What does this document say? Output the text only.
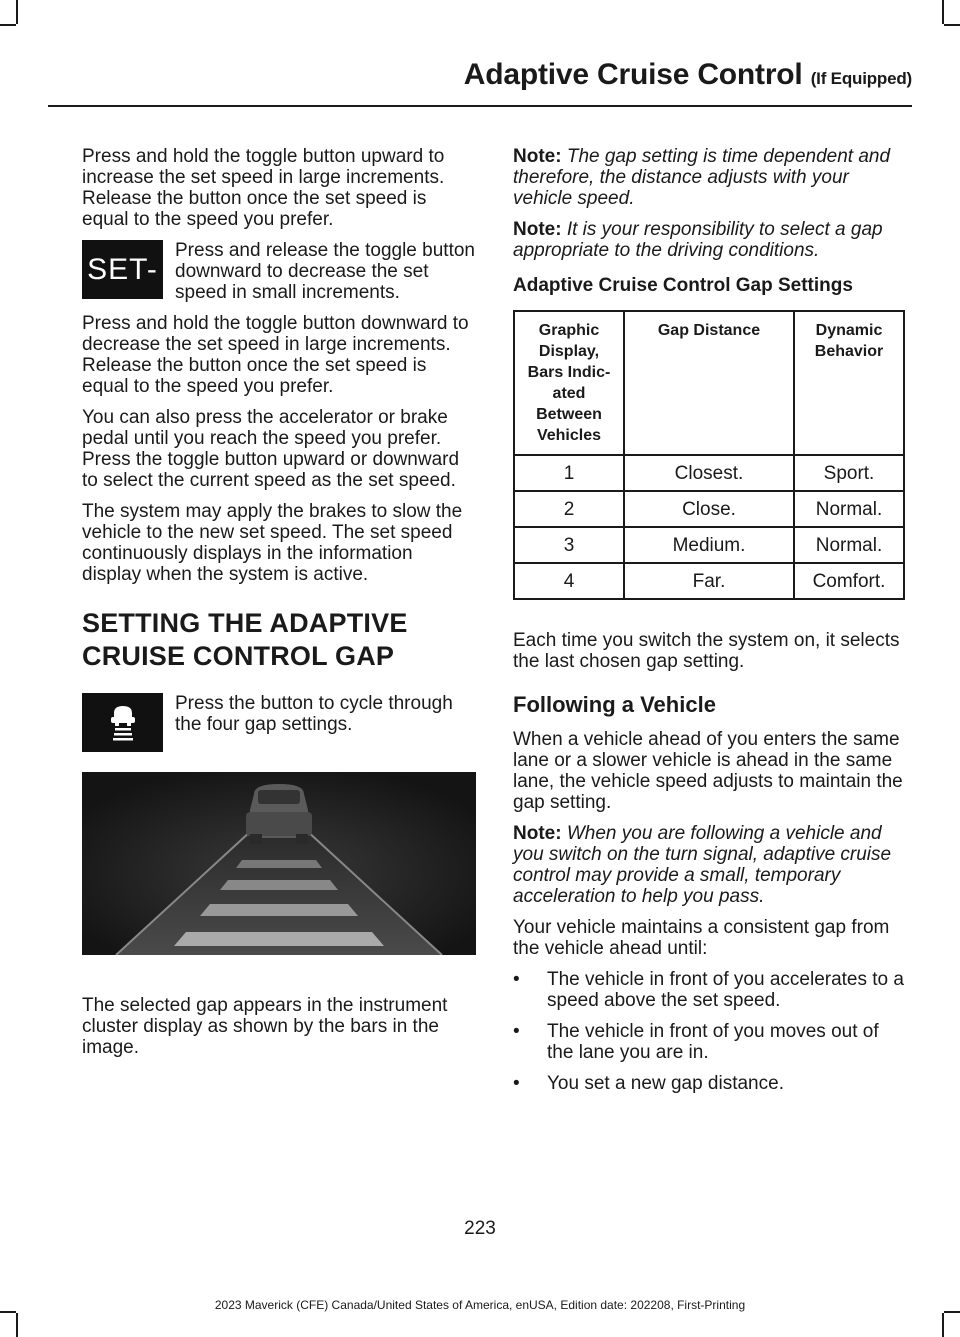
Adaptive Cruise Control (If Equipped)

Press and hold the toggle button upward to increase the set speed in large increments. Release the button once the set speed is equal to the speed you prefer.

SET-
Press and release the toggle button downward to decrease the set speed in small increments.

Press and hold the toggle button downward to decrease the set speed in large increments. Release the button once the set speed is equal to the speed you prefer.

You can also press the accelerator or brake pedal until you reach the speed you prefer. Press the toggle button upward or downward to select the current speed as the set speed.

The system may apply the brakes to slow the vehicle to the new set speed. The set speed continuously displays in the information display when the system is active.

SETTING THE ADAPTIVE
CRUISE CONTROL GAP
Press the button to cycle through the four gap settings.

The selected gap appears in the instrument cluster display as shown by the bars in the image.

Note: The gap setting is time dependent and therefore, the distance adjusts with your vehicle speed.

Note: It is your responsibility to select a gap appropriate to the driving conditions.

Adaptive Cruise Control Gap Settings
Graphic Display, Bars Indic- ated Between Vehicles	Gap Distance	Dynamic Behavior
1	Closest.	Sport.
2	Close.	Normal.
3	Medium.	Normal.
4	Far.	Comfort.

Each time you switch the system on, it selects the last chosen gap setting.

Following a Vehicle

When a vehicle ahead of you enters the same lane or a slower vehicle is ahead in the same lane, the vehicle speed adjusts to maintain the gap setting.

Note: When you are following a vehicle and you switch on the turn signal, adaptive cruise control may provide a small, temporary acceleration to help you pass.

Your vehicle maintains a consistent gap from the vehicle ahead until:

• The vehicle in front of you accelerates to a speed above the set speed.
• The vehicle in front of you moves out of the lane you are in.
• You set a new gap distance.
223
2023 Maverick (CFE) Canada/United States of America, enUSA, Edition date: 202208, First-Printing
